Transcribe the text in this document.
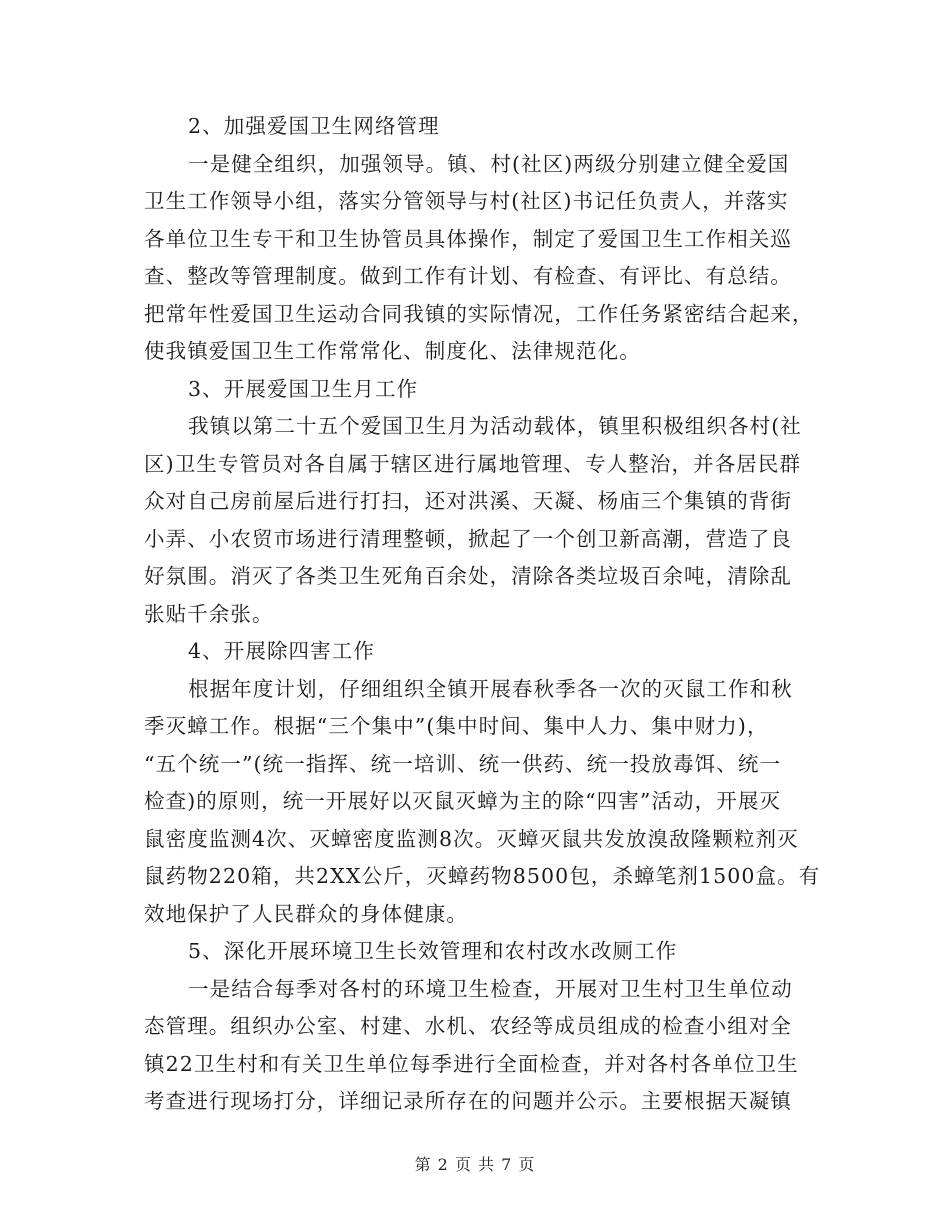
2、加强爱国卫生网络管理
一是健全组织，加强领导。镇、村(社区)两级分别建立健全爱国
卫生工作领导小组，落实分管领导与村(社区)书记任负责人，并落实
各单位卫生专干和卫生协管员具体操作，制定了爱国卫生工作相关巡
查、整改等管理制度。做到工作有计划、有检查、有评比、有总结。
把常年性爱国卫生运动合同我镇的实际情况，工作任务紧密结合起来，
使我镇爱国卫生工作常常化、制度化、法律规范化。
3、开展爱国卫生月工作
我镇以第二十五个爱国卫生月为活动载体，镇里积极组织各村(社
区)卫生专管员对各自属于辖区进行属地管理、专人整治，并各居民群
众对自己房前屋后进行打扫，还对洪溪、天凝、杨庙三个集镇的背街
小弄、小农贸市场进行清理整顿，掀起了一个创卫新高潮，营造了良
好氛围。消灭了各类卫生死角百余处，清除各类垃圾百余吨，清除乱
张贴千余张。
4、开展除四害工作
根据年度计划，仔细组织全镇开展春秋季各一次的灭鼠工作和秋
季灭蟑工作。根据“三个集中”(集中时间、集中人力、集中财力)，
“五个统一”(统一指挥、统一培训、统一供药、统一投放毒饵、统一
检查)的原则，统一开展好以灭鼠灭蟑为主的除“四害”活动，开展灭
鼠密度监测4次、灭蟑密度监测8次。灭蟑灭鼠共发放溴敌隆颗粒剂灭
鼠药物220箱，共2XX公斤，灭蟑药物8500包，杀蟑笔剂1500盒。有
效地保护了人民群众的身体健康。
5、深化开展环境卫生长效管理和农村改水改厕工作
一是结合每季对各村的环境卫生检查，开展对卫生村卫生单位动
态管理。组织办公室、村建、水机、农经等成员组成的检查小组对全
镇22卫生村和有关卫生单位每季进行全面检查，并对各村各单位卫生
考查进行现场打分，详细记录所存在的问题并公示。主要根据天凝镇
第 2 页 共 7 页
